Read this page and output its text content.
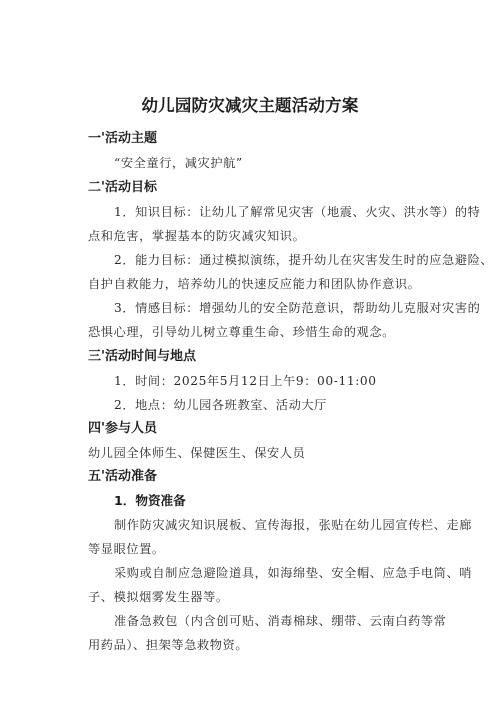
幼儿园防灾减灾主题活动方案
一'活动主题
“安全童行，减灾护航”
二'活动目标
1．知识目标：让幼儿了解常见灾害（地震、火灾、洪水等）的特
点和危害，掌握基本的防灾减灾知识。
2．能力目标：通过模拟演练，提升幼儿在灾害发生时的应急避险、
自护自救能力，培养幼儿的快速反应能力和团队协作意识。
3．情感目标：增强幼儿的安全防范意识，帮助幼儿克服对灾害的
恐惧心理，引导幼儿树立尊重生命、珍惜生命的观念。
三'活动时间与地点
1．时间：2025年5月12日上午9：00-11:00
2．地点：幼儿园各班教室、活动大厅
四'参与人员
幼儿园全体师生、保健医生、保安人员
五'活动准备
1．物资准备
制作防灾减灾知识展板、宣传海报，张贴在幼儿园宣传栏、走廊
等显眼位置。
采购或自制应急避险道具，如海绵垫、安全帽、应急手电筒、哨
子、模拟烟雾发生器等。
准备急救包（内含创可贴、消毒棉球、绷带、云南白药等常
用药品）、担架等急救物资。
